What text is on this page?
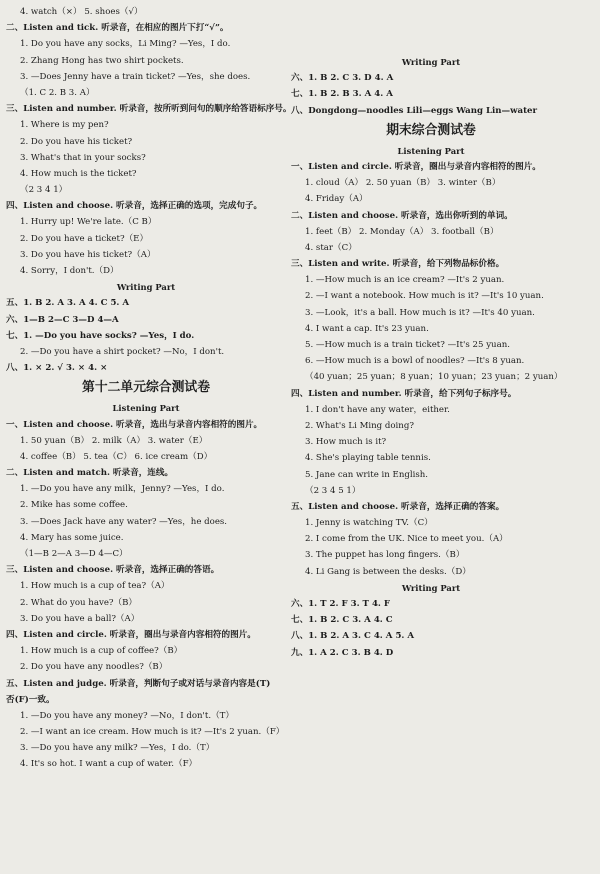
4. watch（×） 5. shoes（√）
二、Listen and tick. 听录音，在相应的图片下打“√”。
1. Do you have any socks，Li Ming? —Yes，I do.
2. Zhang Hong has two shirt pockets.
3. —Does Jenny have a train ticket? —Yes，she does.
（1. C 2. B 3. A）
三、Listen and number. 听录音，按所听到问句的顺序给答语标序号。
1. Where is my pen?
2. Do you have his ticket?
3. What's that in your socks?
4. How much is the ticket?
（2 3 4 1）
四、Listen and choose. 听录音，选择正确的选项，完成句子。
1. Hurry up! We're late.（C B）
2. Do you have a ticket?（E）
3. Do you have his ticket?（A）
4. Sorry，I don't.（D）
Writing Part
五、1. B 2. A 3. A 4. C 5. A
六、1—B 2—C 3—D 4—A
七、1. —Do you have socks? —Yes，I do.
2. —Do you have a shirt pocket? —No，I don't.
八、1. × 2. √ 3. × 4. ×
第十二单元综合测试卷
Listening Part
一、Listen and choose. 听录音，选出与录音内容相符的图片。
1. 50 yuan（B） 2. milk（A） 3. water（E）
4. coffee（B） 5. tea（C） 6. ice cream（D）
二、Listen and match. 听录音，连线。
1. —Do you have any milk，Jenny? —Yes，I do.
2. Mike has some coffee.
3. —Does Jack have any water? —Yes，he does.
4. Mary has some juice.
（1—B 2—A 3—D 4—C）
三、Listen and choose. 听录音，选择正确的答语。
1. How much is a cup of tea?（A）
2. What do you have?（B）
3. Do you have a ball?（A）
四、Listen and circle. 听录音，圈出与录音内容相符的图片。
1. How much is a cup of coffee?（B）
2. Do you have any noodles?（B）
五、Listen and judge. 听录音，判断句子或对话与录音内容是(T)
否(F)一致。
1. —Do you have any money? —No，I don't.（T）
2. —I want an ice cream. How much is it? —It's 2 yuan.（F）
3. —Do you have any milk? —Yes，I do.（T）
4. It's so hot. I want a cup of water.（F）
Writing Part
六、1. B 2. C 3. D 4. A
七、1. B 2. B 3. A 4. A
八、Dongdong—noodles Lili—eggs Wang Lin—water
期末综合测试卷
Listening Part
一、Listen and circle. 听录音，圈出与录音内容相符的图片。
1. cloud（A） 2. 50 yuan（B） 3. winter（B）
4. Friday（A）
二、Listen and choose. 听录音，选出你听到的单词。
1. feet（B） 2. Monday（A） 3. football（B）
4. star（C）
三、Listen and write. 听录音，给下列物品标价格。
1. —How much is an ice cream? —It's 2 yuan.
2. —I want a notebook. How much is it? —It's 10 yuan.
3. —Look，it's a ball. How much is it? —It's 40 yuan.
4. I want a cap. It's 23 yuan.
5. —How much is a train ticket? —It's 25 yuan.
6. —How much is a bowl of noodles? —It's 8 yuan.
（40 yuan；25 yuan；8 yuan；10 yuan；23 yuan；2 yuan）
四、Listen and number. 听录音，给下列句子标序号。
1. I don't have any water，either.
2. What's Li Ming doing?
3. How much is it?
4. She's playing table tennis.
5. Jane can write in English.
（2 3 4 5 1）
五、Listen and choose. 听录音，选择正确的答案。
1. Jenny is watching TV.（C）
2. I come from the UK. Nice to meet you.（A）
3. The puppet has long fingers.（B）
4. Li Gang is between the desks.（D）
Writing Part
六、1. T 2. F 3. T 4. F
七、1. B 2. C 3. A 4. C
八、1. B 2. A 3. C 4. A 5. A
九、1. A 2. C 3. B 4. D
